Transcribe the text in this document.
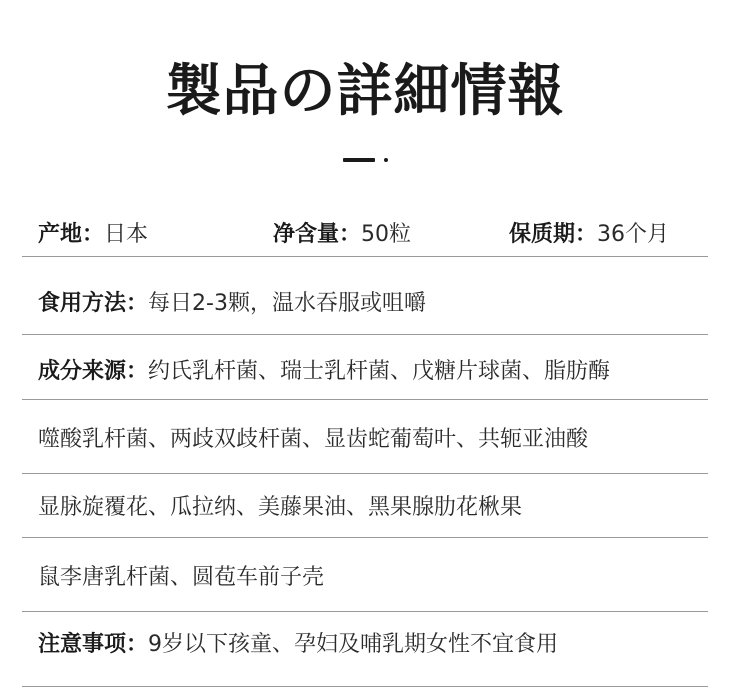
製品の詳細情報
产地：日本	净含量：50粒	保质期：36个月
食用方法：每日2-3颗，温水吞服或咀嚼
成分来源：约氏乳杆菌、瑞士乳杆菌、戊糖片球菌、脂肪酶
噬酸乳杆菌、两歧双歧杆菌、显齿蛇葡萄叶、共轭亚油酸
显脉旋覆花、瓜拉纳、美藤果油、黑果腺肋花楸果
鼠李唐乳杆菌、圆苞车前子壳
注意事项：9岁以下孩童、孕妇及哺乳期女性不宜食用
